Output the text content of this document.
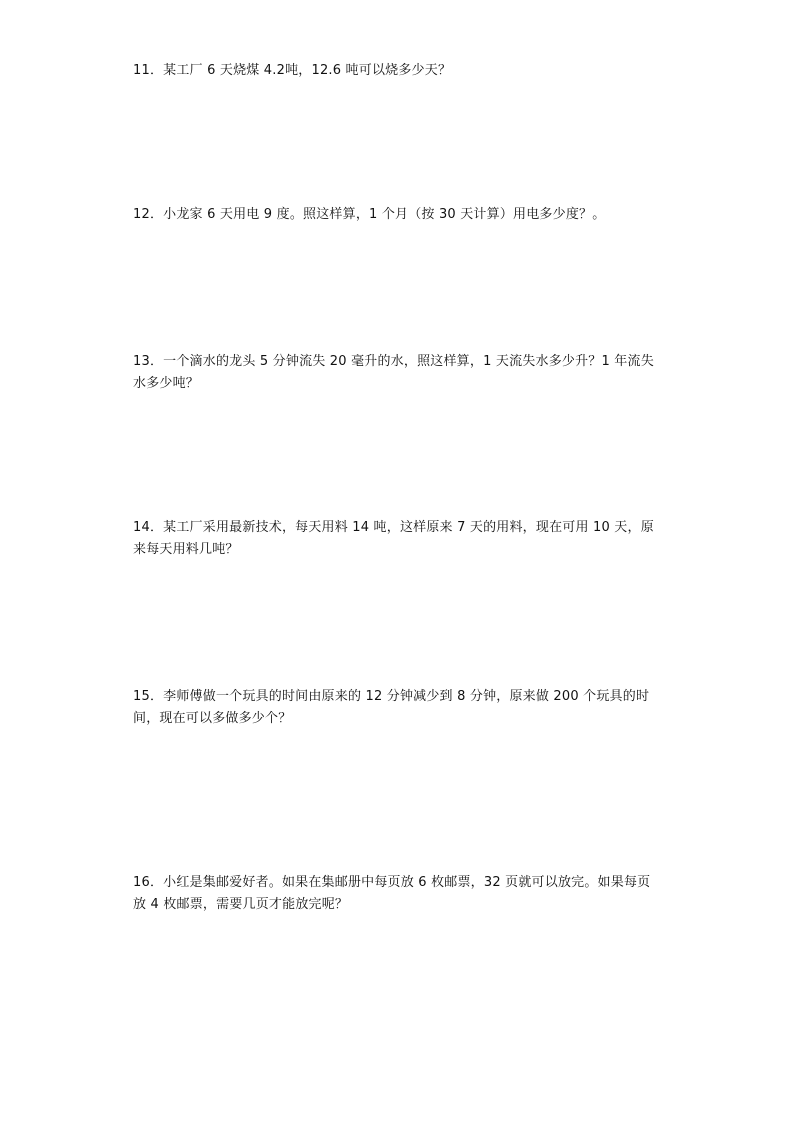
11．某工厂 6 天烧煤 4.2吨，12.6 吨可以烧多少天？
12．小龙家 6 天用电 9 度。照这样算，1 个月（按 30 天计算）用电多少度？。
13．一个滴水的龙头 5 分钟流失 20 毫升的水，照这样算，1 天流失水多少升？1 年流失水多少吨？
14．某工厂采用最新技术，每天用料 14 吨，这样原来 7 天的用料，现在可用 10 天，原来每天用料几吨？
15．李师傅做一个玩具的时间由原来的 12 分钟减少到 8 分钟，原来做 200 个玩具的时间，现在可以多做多少个？
16．小红是集邮爱好者。如果在集邮册中每页放 6 枚邮票，32 页就可以放完。如果每页放 4 枚邮票，需要几页才能放完呢？
